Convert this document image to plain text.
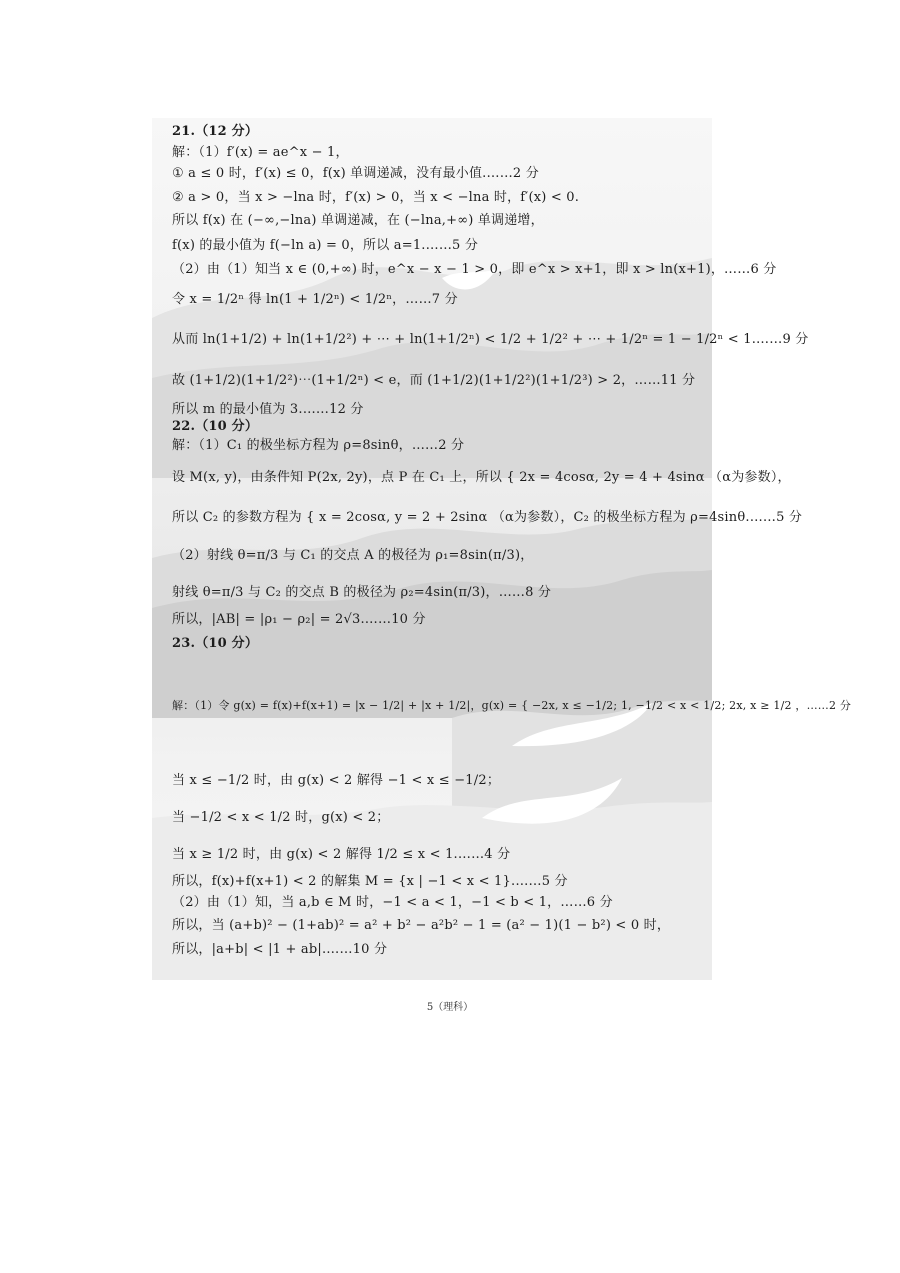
21.（12 分）
解：（1）f′(x) = ae^x − 1，
① a ≤ 0 时，f′(x) ≤ 0，f(x) 单调递减，没有最小值.……2 分
② a > 0，当 x > −lna 时，f′(x) > 0，当 x < −lna 时，f′(x) < 0.
所以 f(x) 在 (−∞,−lna) 单调递减，在 (−lna,+∞) 单调递增，
f(x) 的最小值为 f(−ln a) = 0，所以 a=1.……5 分
（2）由（1）知当 x ∈ (0,+∞) 时，e^x − x − 1 > 0，即 e^x > x+1，即 x > ln(x+1)，……6 分
令 x = 1/2ⁿ 得 ln(1 + 1/2ⁿ) < 1/2ⁿ，……7 分
从而 ln(1+1/2) + ln(1+1/2²) + ⋯ + ln(1+1/2ⁿ) < 1/2 + 1/2² + ⋯ + 1/2ⁿ = 1 − 1/2ⁿ < 1.……9 分
故 (1+1/2)(1+1/2²)⋯(1+1/2ⁿ) < e，而 (1+1/2)(1+1/2²)(1+1/2³) > 2，……11 分
所以 m 的最小值为 3.……12 分
22.（10 分）
解：（1）C₁ 的极坐标方程为 ρ=8sinθ，……2 分
设 M(x, y)，由条件知 P(2x, 2y)，点 P 在 C₁ 上，所以 { 2x = 4cosα, 2y = 4 + 4sinα （α为参数），
所以 C₂ 的参数方程为 { x = 2cosα, y = 2 + 2sinα （α为参数），C₂ 的极坐标方程为 ρ=4sinθ.……5 分
（2）射线 θ=π/3 与 C₁ 的交点 A 的极径为 ρ₁=8sin(π/3)，
射线 θ=π/3 与 C₂ 的交点 B 的极径为 ρ₂=4sin(π/3)，……8 分
所以，|AB| = |ρ₁ − ρ₂| = 2√3.……10 分
23.（10 分）
解：（1）令 g(x) = f(x)+f(x+1) = |x − 1/2| + |x + 1/2|，g(x) = { −2x, x ≤ −1/2; 1, −1/2 < x < 1/2; 2x, x ≥ 1/2 ，……2 分
当 x ≤ −1/2 时，由 g(x) < 2 解得 −1 < x ≤ −1/2；
当 −1/2 < x < 1/2 时，g(x) < 2；
当 x ≥ 1/2 时，由 g(x) < 2 解得 1/2 ≤ x < 1.……4 分
所以，f(x)+f(x+1) < 2 的解集 M = {x | −1 < x < 1}.……5 分
（2）由（1）知，当 a,b ∈ M 时，−1 < a < 1，−1 < b < 1，……6 分
所以，当 (a+b)² − (1+ab)² = a² + b² − a²b² − 1 = (a² − 1)(1 − b²) < 0 时，
所以，|a+b| < |1 + ab|.……10 分
5（理科）
